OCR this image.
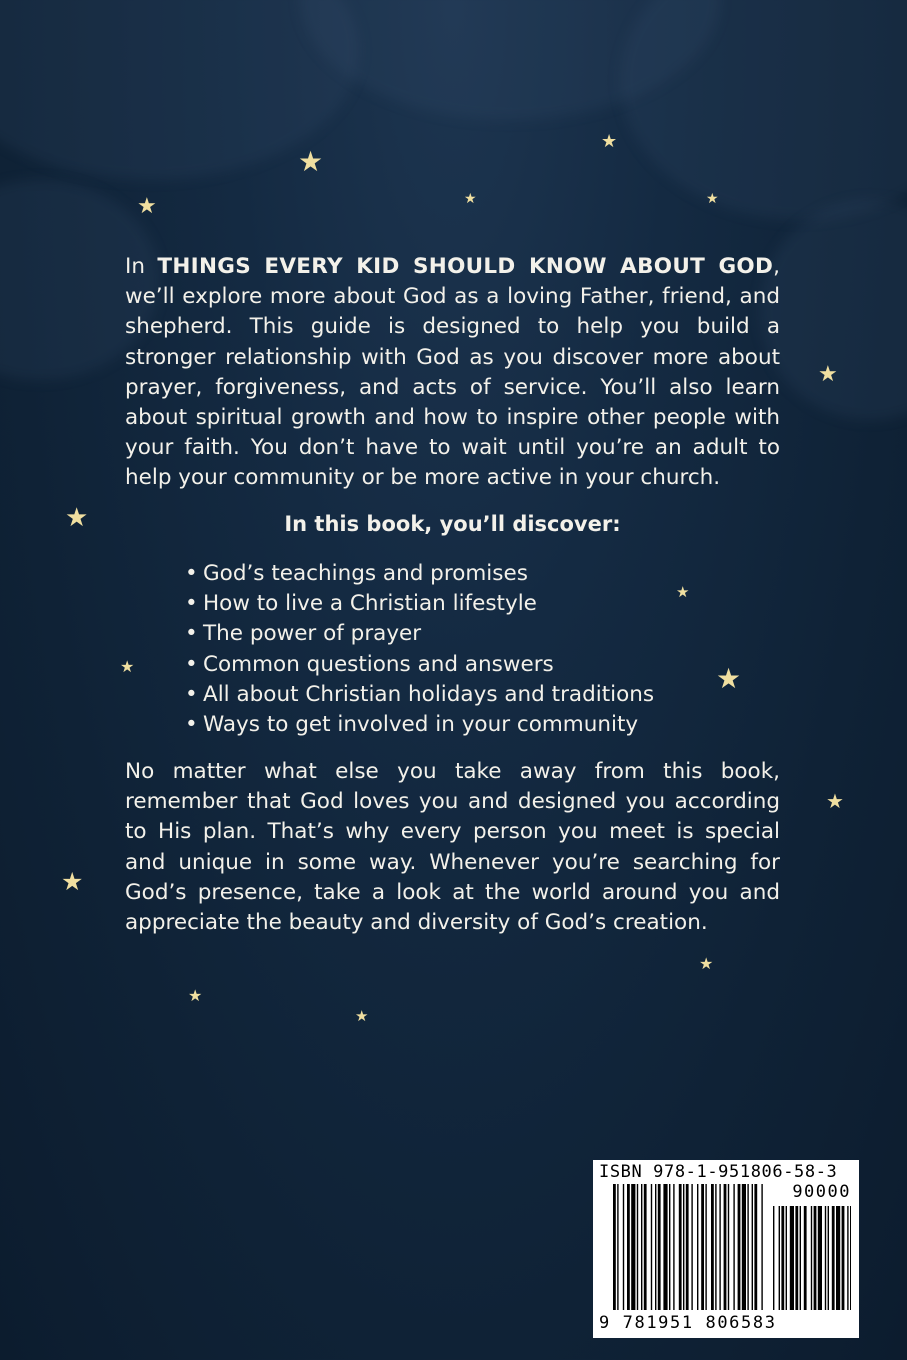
★
★
★
★	★
★
★
★
★	★
★
★
★
★
★

In THINGS EVERY KID SHOULD KNOW ABOUT GOD, we’ll explore more about God as a loving Father, friend, and shepherd. This guide is designed to help you build a stronger relationship with God as you discover more about prayer, forgiveness, and acts of service. You’ll also learn about spiritual growth and how to inspire other people with your faith. You don’t have to wait until you’re an adult to help your community or be more active in your church.

In this book, you’ll discover:
• God’s teachings and promises
• How to live a Christian lifestyle
• The power of prayer
• Common questions and answers
• All about Christian holidays and traditions
• Ways to get involved in your community

No matter what else you take away from this book, remember that God loves you and designed you according to His plan. That’s why every person you meet is special and unique in some way. Whenever you’re searching for God’s presence, take a look at the world around you and appreciate the beauty and diversity of God’s creation.

ISBN 978-1-951806-58-3
90000
9 781951 806583
